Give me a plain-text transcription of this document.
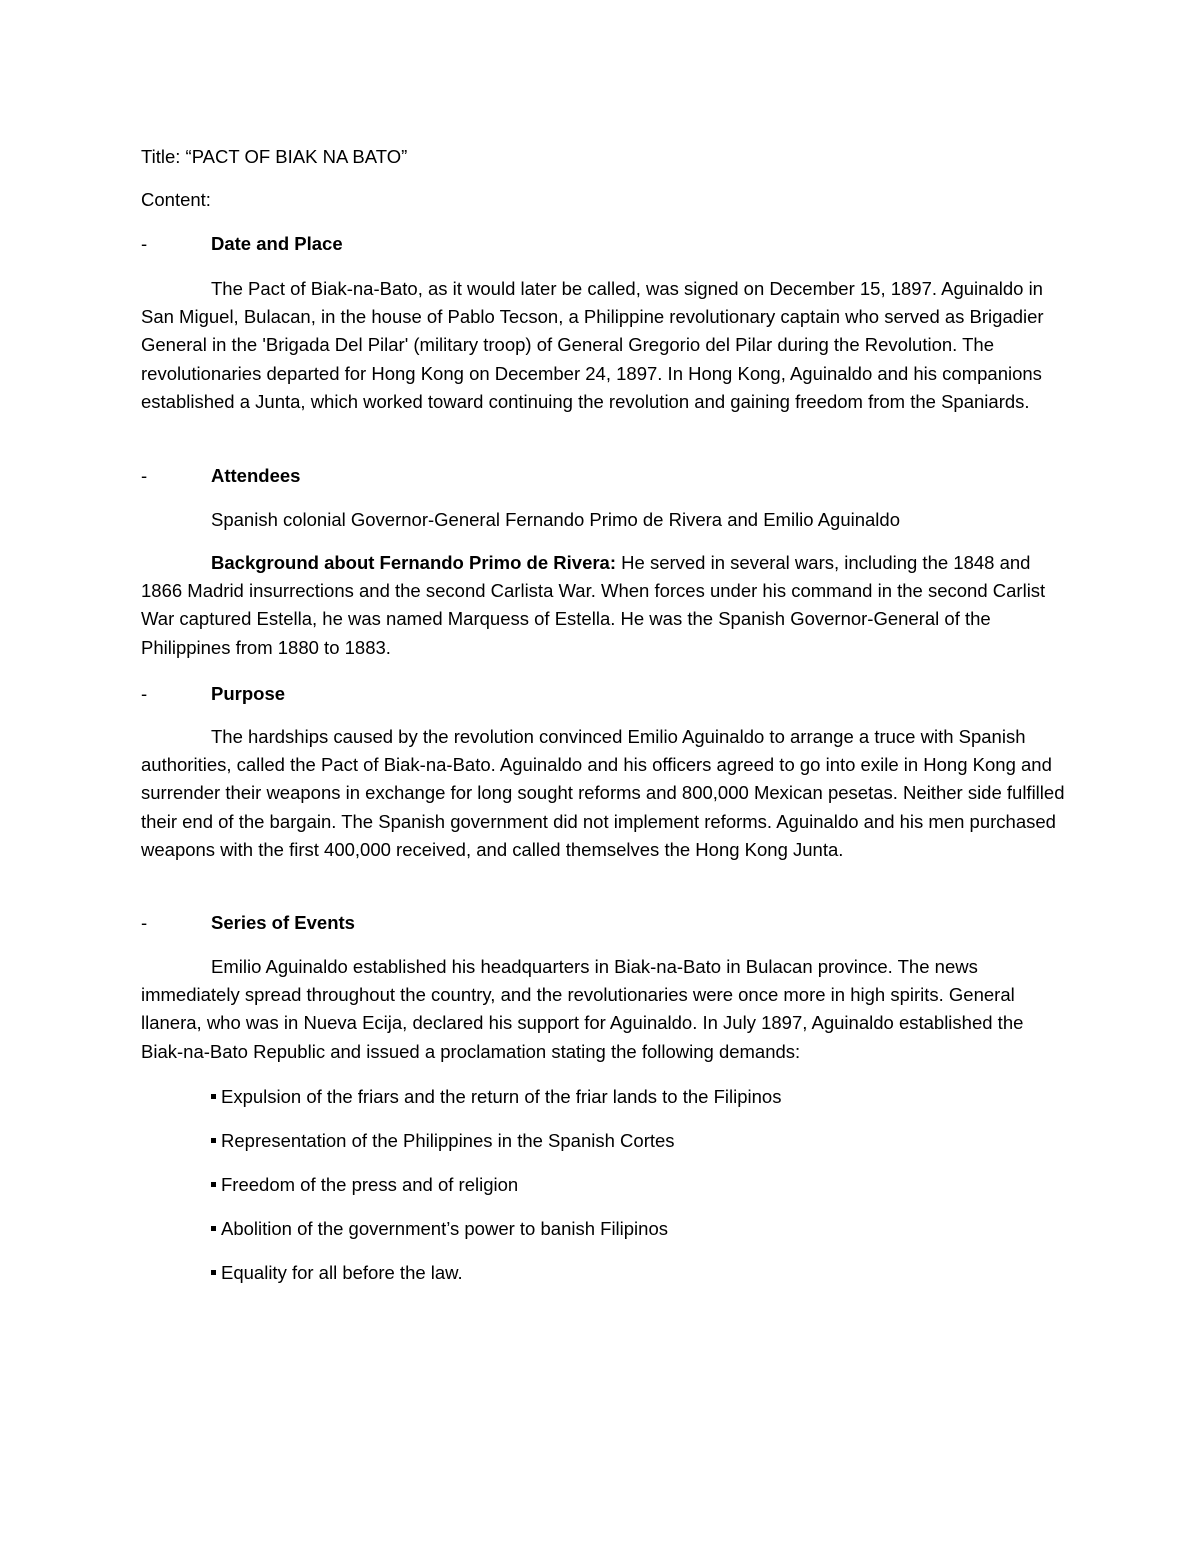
Title: “PACT OF BIAK NA BATO”
Content:
-	Date and Place
The Pact of Biak-na-Bato, as it would later be called, was signed on December 15, 1897. Aguinaldo in San Miguel, Bulacan, in the house of Pablo Tecson, a Philippine revolutionary captain who served as Brigadier General in the 'Brigada Del Pilar' (military troop) of General Gregorio del Pilar during the Revolution. The revolutionaries departed for Hong Kong on December 24, 1897. In Hong Kong, Aguinaldo and his companions established a Junta, which worked toward continuing the revolution and gaining freedom from the Spaniards.
-	Attendees
Spanish colonial Governor-General Fernando Primo de Rivera and Emilio Aguinaldo
Background about Fernando Primo de Rivera: He served in several wars, including the 1848 and 1866 Madrid insurrections and the second Carlista War. When forces under his command in the second Carlist War captured Estella, he was named Marquess of Estella. He was the Spanish Governor-General of the Philippines from 1880 to 1883.
-	Purpose
The hardships caused by the revolution convinced Emilio Aguinaldo to arrange a truce with Spanish authorities, called the Pact of Biak-na-Bato. Aguinaldo and his officers agreed to go into exile in Hong Kong and surrender their weapons in exchange for long sought reforms and 800,000 Mexican pesetas. Neither side fulfilled their end of the bargain. The Spanish government did not implement reforms. Aguinaldo and his men purchased weapons with the first 400,000 received, and called themselves the Hong Kong Junta.
-	Series of Events
Emilio Aguinaldo established his headquarters in Biak-na-Bato in Bulacan province. The news immediately spread throughout the country, and the revolutionaries were once more in high spirits. General llanera, who was in Nueva Ecija, declared his support for Aguinaldo. In July 1897, Aguinaldo established the Biak-na-Bato Republic and issued a proclamation stating the following demands:
Expulsion of the friars and the return of the friar lands to the Filipinos
Representation of the Philippines in the Spanish Cortes
Freedom of the press and of religion
Abolition of the government’s power to banish Filipinos
Equality for all before the law.
